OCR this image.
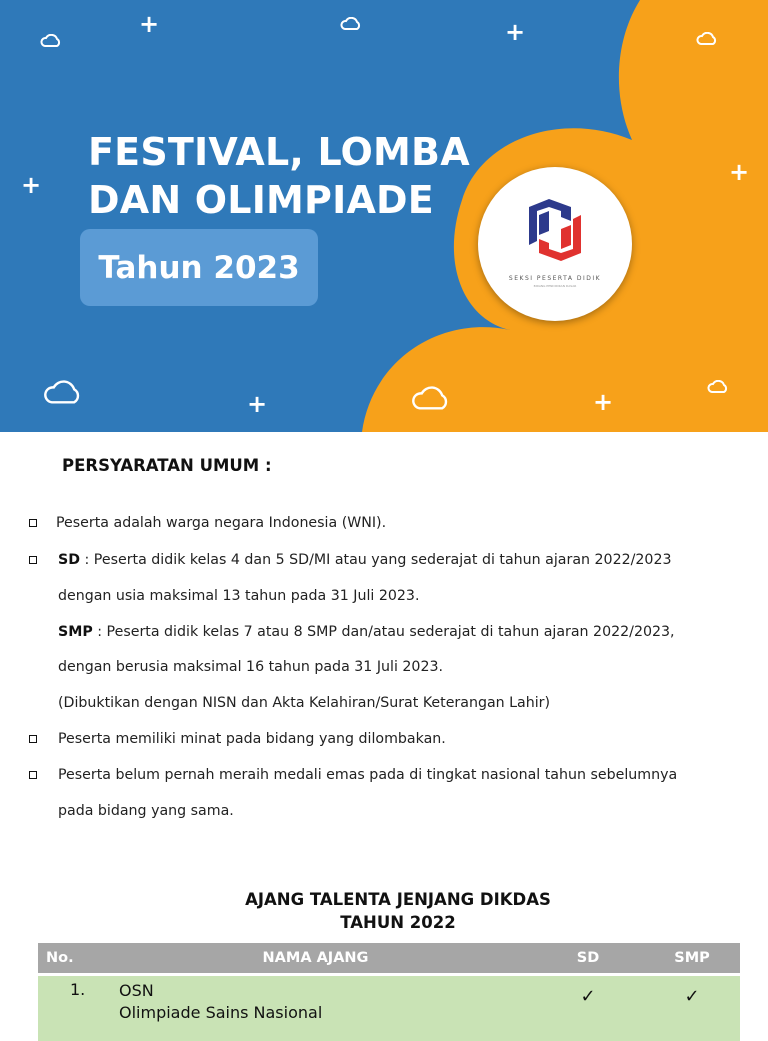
+	+
+	+
+	+
FESTIVAL, LOMBA
DAN OLIMPIADE
Tahun 2023	SEKSI PESERTA DIDIK
BIDANG PENDIDIKAN DASAR
PERSYARATAN UMUM :
Peserta adalah warga negara Indonesia (WNI).
SD : Peserta didik kelas 4 dan 5 SD/MI atau yang sederajat di tahun ajaran 2022/2023
dengan usia maksimal 13 tahun pada 31 Juli 2023.
SMP : Peserta didik kelas 7 atau 8 SMP dan/atau sederajat di tahun ajaran 2022/2023,
dengan berusia maksimal 16 tahun pada 31 Juli 2023.
(Dibuktikan dengan NISN dan Akta Kelahiran/Surat Keterangan Lahir)
Peserta memiliki minat pada bidang yang dilombakan.
Peserta belum pernah meraih medali emas pada di tingkat nasional tahun sebelumnya
pada bidang yang sama.
AJANG TALENTA JENJANG DIKDAS
TAHUN 2022
No.	NAMA AJANG	SD	SMP
1.	OSN
Olimpiade Sains Nasional	✓	✓
